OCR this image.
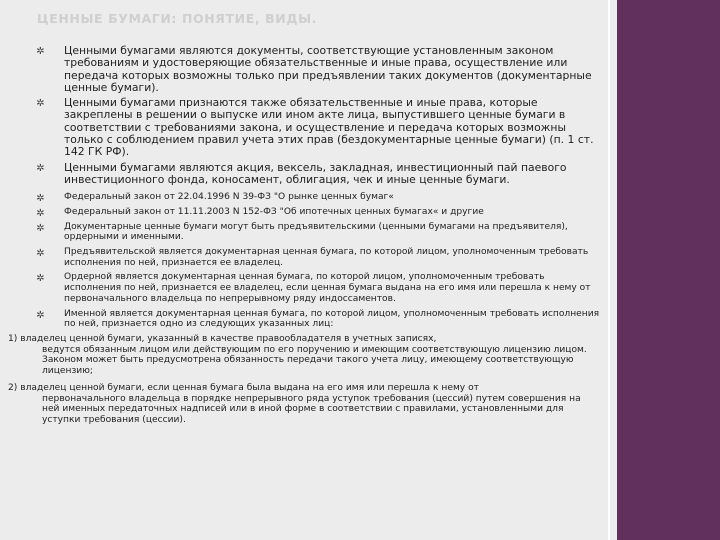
ЦЕННЫЕ БУМАГИ: ПОНЯТИЕ, ВИДЫ.
✲ Ценными бумагами являются документы, соответствующие установленным законом требованиям и удостоверяющие обязательственные и иные права, осуществление или передача которых возможны только при предъявлении таких документов (документарные ценные бумаги).
✲ Ценными бумагами признаются также обязательственные и иные права, которые закреплены в решении о выпуске или ином акте лица, выпустившего ценные бумаги в соответствии с требованиями закона, и осуществление и передача которых возможны только с соблюдением правил учета этих прав (бездокументарные ценные бумаги) (п. 1 ст. 142 ГК РФ).
✲ Ценными бумагами являются акция, вексель, закладная, инвестиционный пай паевого инвестиционного фонда, коносамент, облигация, чек и иные ценные бумаги.
✲ Федеральный закон от 22.04.1996 N 39-ФЗ "О рынке ценных бумаг«
✲ Федеральный закон от 11.11.2003 N 152-ФЗ "Об ипотечных ценных бумагах« и другие
✲ Документарные ценные бумаги могут быть предъявительскими (ценными бумагами на предъявителя), ордерными и именными.
✲ Предъявительской является документарная ценная бумага, по которой лицом, уполномоченным требовать исполнения по ней, признается ее владелец.
✲ Ордерной является документарная ценная бумага, по которой лицом, уполномоченным требовать исполнения по ней, признается ее владелец, если ценная бумага выдана на его имя или перешла к нему от первоначального владельца по непрерывному ряду индоссаментов.
✲ Именной является документарная ценная бумага, по которой лицом, уполномоченным требовать исполнения по ней, признается одно из следующих указанных лиц:
1) владелец ценной бумаги, указанный в качестве правообладателя в учетных записях,
ведутся обязанным лицом или действующим по его поручению и имеющим соответствующую лицензию лицом. Законом может быть предусмотрена обязанность передачи такого учета лицу, имеющему соответствующую лицензию;
2) владелец ценной бумаги, если ценная бумага была выдана на его имя или перешла к нему от
первоначального владельца в порядке непрерывного ряда уступок требования (цессий) путем совершения на ней именных передаточных надписей или в иной форме в соответствии с правилами, установленными для уступки требования (цессии).
